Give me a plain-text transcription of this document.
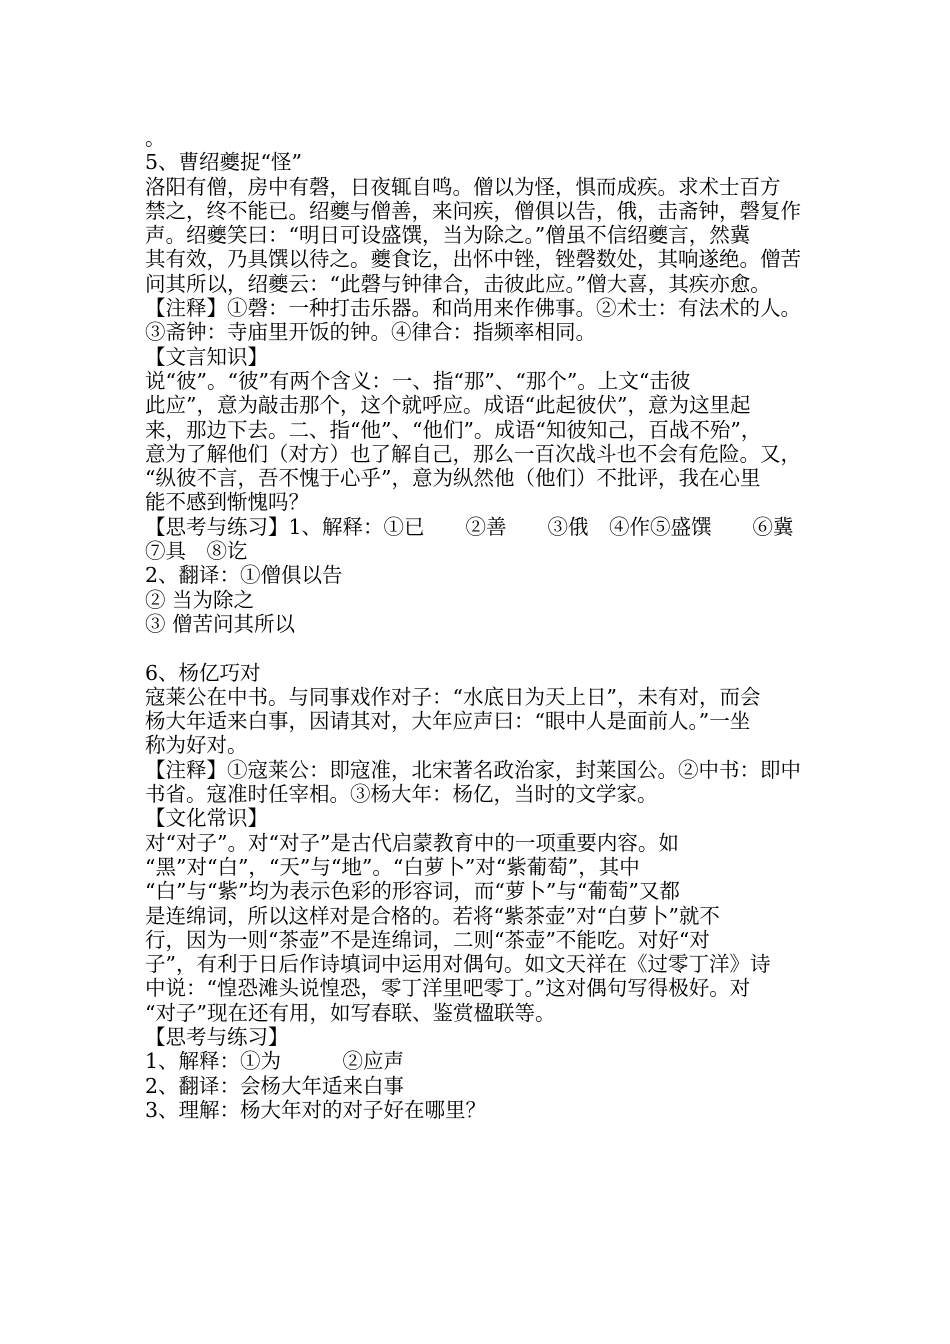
。
5、曹绍夔捉“怪”
洛阳有僧，房中有磬，日夜辄自鸣。僧以为怪，惧而成疾。求术士百方
禁之，终不能已。绍夔与僧善，来问疾，僧俱以告，俄，击斋钟，磬复作
声。绍夔笑曰：“明日可设盛馔，当为除之。”僧虽不信绍夔言，然冀
其有效，乃具馔以待之。夔食讫，出怀中锉，锉磬数处，其响遂绝。僧苦
问其所以，绍夔云：“此磬与钟律合，击彼此应。”僧大喜，其疾亦愈。
【注释】①磬：一种打击乐器。和尚用来作佛事。②术士：有法术的人。
③斋钟：寺庙里开饭的钟。④律合：指频率相同。
【文言知识】
说“彼”。“彼”有两个含义：一、指“那”、“那个”。上文“击彼
此应”，意为敲击那个，这个就呼应。成语“此起彼伏”，意为这里起
来，那边下去。二、指“他”、“他们”。成语“知彼知己，百战不殆”，
意为了解他们（对方）也了解自己，那么一百次战斗也不会有危险。又，
“纵彼不言，吾不愧于心乎”，意为纵然他（他们）不批评，我在心里
能不感到惭愧吗？
【思考与练习】1、解释：①已　　②善　　③俄　④作⑤盛馔　　⑥冀
⑦具　⑧讫
2、翻译：①僧俱以告
② 当为除之
③ 僧苦问其所以
6、杨亿巧对
寇莱公在中书。与同事戏作对子：“水底日为天上日”，未有对，而会
杨大年适来白事，因请其对，大年应声曰：“眼中人是面前人。”一坐
称为好对。
【注释】①寇莱公：即寇准，北宋著名政治家，封莱国公。②中书：即中
书省。寇准时任宰相。③杨大年：杨亿，当时的文学家。
【文化常识】
对“对子”。对“对子”是古代启蒙教育中的一项重要内容。如
“黑”对“白”，“天”与“地”。“白萝卜”对“紫葡萄”，其中
“白”与“紫”均为表示色彩的形容词，而“萝卜”与“葡萄”又都
是连绵词，所以这样对是合格的。若将“紫茶壶”对“白萝卜”就不
行，因为一则“茶壶”不是连绵词，二则“茶壶”不能吃。对好“对
子”，有利于日后作诗填词中运用对偶句。如文天祥在《过零丁洋》诗
中说：“惶恐滩头说惶恐，零丁洋里吧零丁。”这对偶句写得极好。对
“对子”现在还有用，如写春联、鉴赏楹联等。
【思考与练习】
1、解释：①为　　　②应声
2、翻译：会杨大年适来白事
3、理解：杨大年对的对子好在哪里？
